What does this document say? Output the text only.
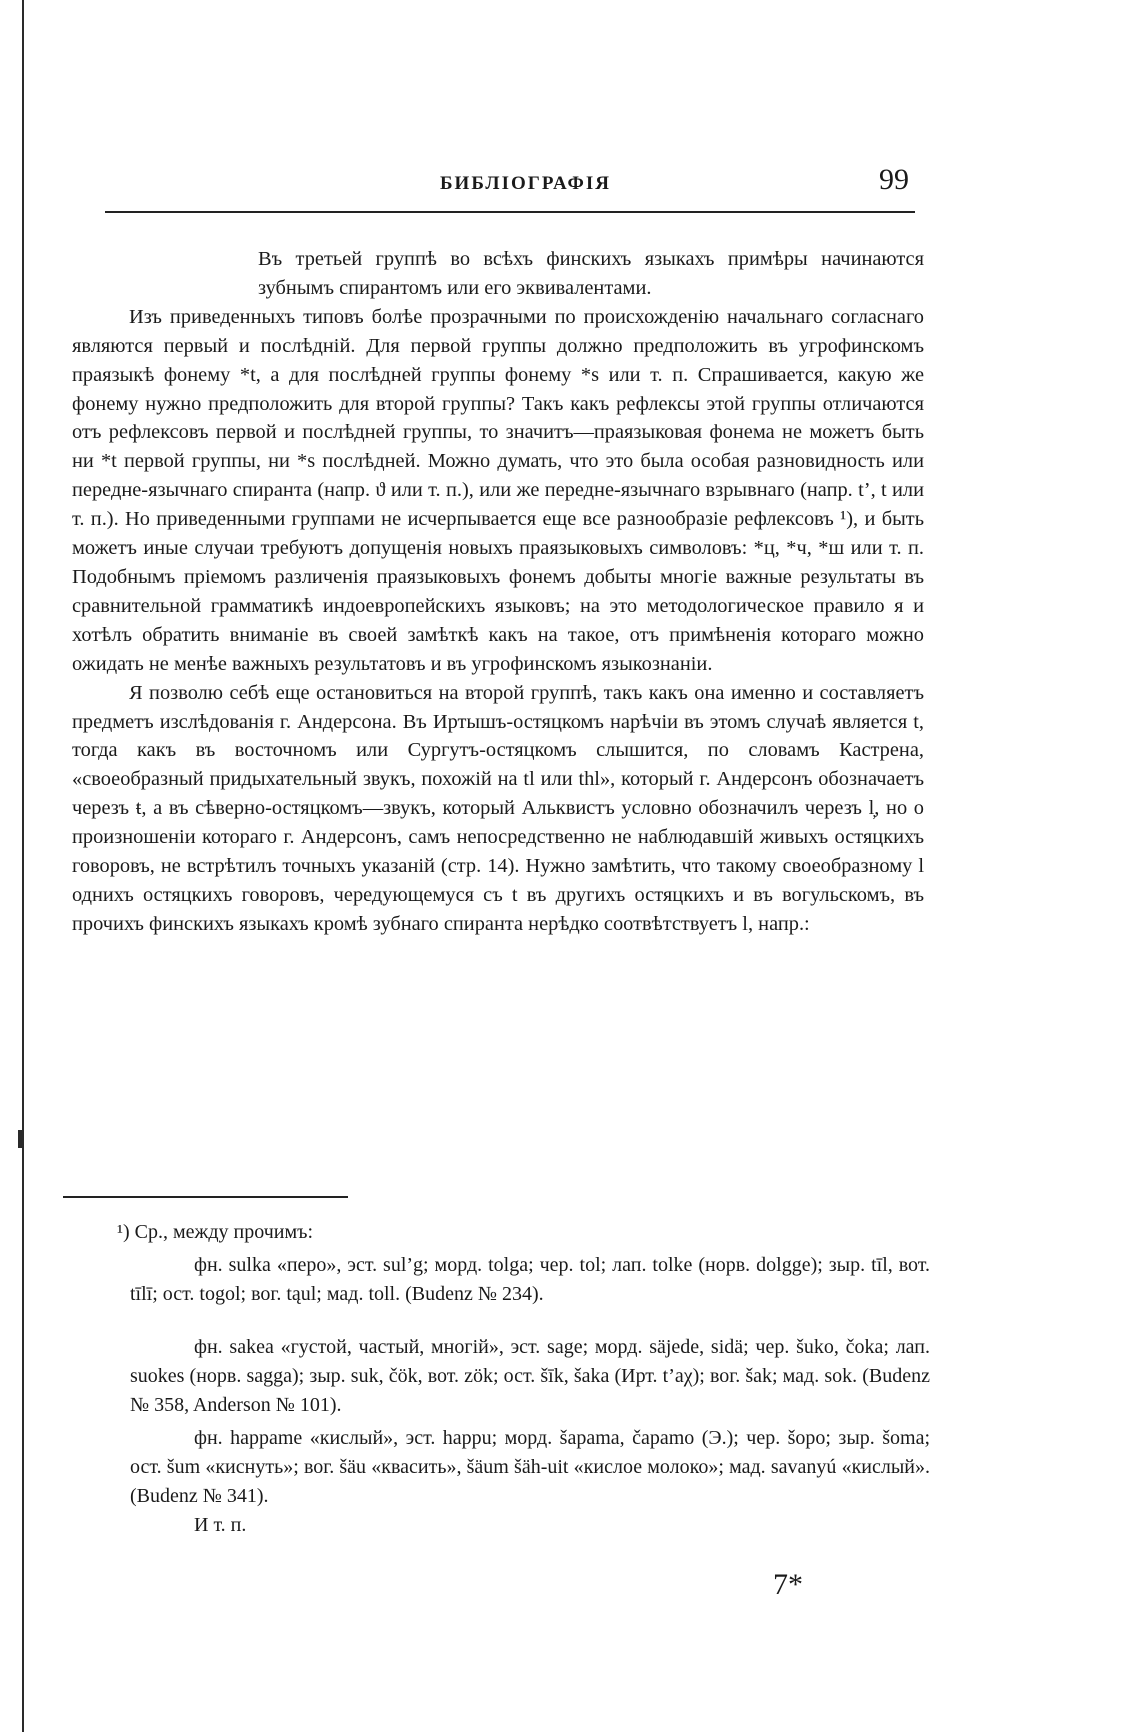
БИБЛIОГРАФIЯ	99

Въ третьей группѣ во всѣхъ финскихъ языкахъ примѣры начинаются зубнымъ спирантомъ или его эквивалентами.

Изъ приведенныхъ типовъ болѣе прозрачными по происхожденію начальнаго согласнаго являются первый и послѣдній. Для первой группы должно предположить въ угрофинскомъ праязыкѣ фонему *t, а для послѣдней группы фонему *s или т. п. Спрашивается, какую же фонему нужно предположить для второй группы? Такъ какъ рефлексы этой группы отличаются отъ рефлексовъ первой и послѣдней группы, то значитъ—праязыковая фонема не можетъ быть ни *t первой группы, ни *s послѣдней. Можно думать, что это была особая разновидность или передне-язычнаго спиранта (напр. ϑ или т. п.), или же передне-язычнаго взрывнаго (напр. t’, t или т. п.). Но приведенными группами не исчерпывается еще все разнообразіе рефлексовъ ¹), и быть можетъ иные случаи требуютъ допущенія новыхъ праязыковыхъ символовъ: *ц, *ч, *ш или т. п. Подобнымъ пріемомъ различенія праязыковыхъ фонемъ добыты многіе важные результаты въ сравнительной грамматикѣ индоевропейскихъ языковъ; на это методологическое правило я и хотѣлъ обратить вниманіе въ своей замѣткѣ какъ на такое, отъ примѣненія котораго можно ожидать не менѣе важныхъ результатовъ и въ угрофинскомъ языкознаніи.

Я позволю себѣ еще остановиться на второй группѣ, такъ какъ она именно и составляетъ предметъ изслѣдованія г. Андерсона. Въ Иртышъ-остяцкомъ нарѣчіи въ этомъ случаѣ является t, тогда какъ въ восточномъ или Сургутъ-остяцкомъ слышится, по словамъ Кастрена, «своеобразный придыхательный звукъ, похожій на tl или thl», который г. Андерсонъ обозначаетъ черезъ ŧ, а въ сѣверно-остяцкомъ—звукъ, который Альквистъ условно обозначилъ черезъ l̦, но о произношеніи котораго г. Андерсонъ, самъ непосредственно не наблюдавшій живыхъ остяцкихъ говоровъ, не встрѣтилъ точныхъ указаній (стр. 14). Нужно замѣтить, что такому своеобразному l однихъ остяцкихъ говоровъ, чередующемуся съ t въ другихъ остяцкихъ и въ вогульскомъ, въ прочихъ финскихъ языкахъ кромѣ зубнаго спиранта нерѣдко соотвѣтствуетъ l, напр.:

¹) Ср., между прочимъ:

фн. sulka «перо», эст. sul’g; морд. tolga; чер. tol; лап. tolke (норв. dolgge); зыр. tīl, вот. tīlī; ост. togol; вог. tąul; мад. toll. (Budenz № 234).

фн. sakea «густой, частый, многій», эст. sage; морд. säjede, sidä; чер. šuko, čoka; лап. suokes (норв. sagga); зыр. suk, čök, вот. zök; ост. šīk, šaka (Ирт. t’aχ); вог. šak; мад. sok. (Budenz № 358, Anderson № 101).

фн. happame «кислый», эст. happu; морд. šapama, čapamo (Э.); чер. šopo; зыр. šoma; ост. šum «киснуть»; вог. šäu «квасить», šäum šäh-uit «кислое молоко»; мад. savanyú «кислый». (Budenz № 341).

И т. п.

7*
